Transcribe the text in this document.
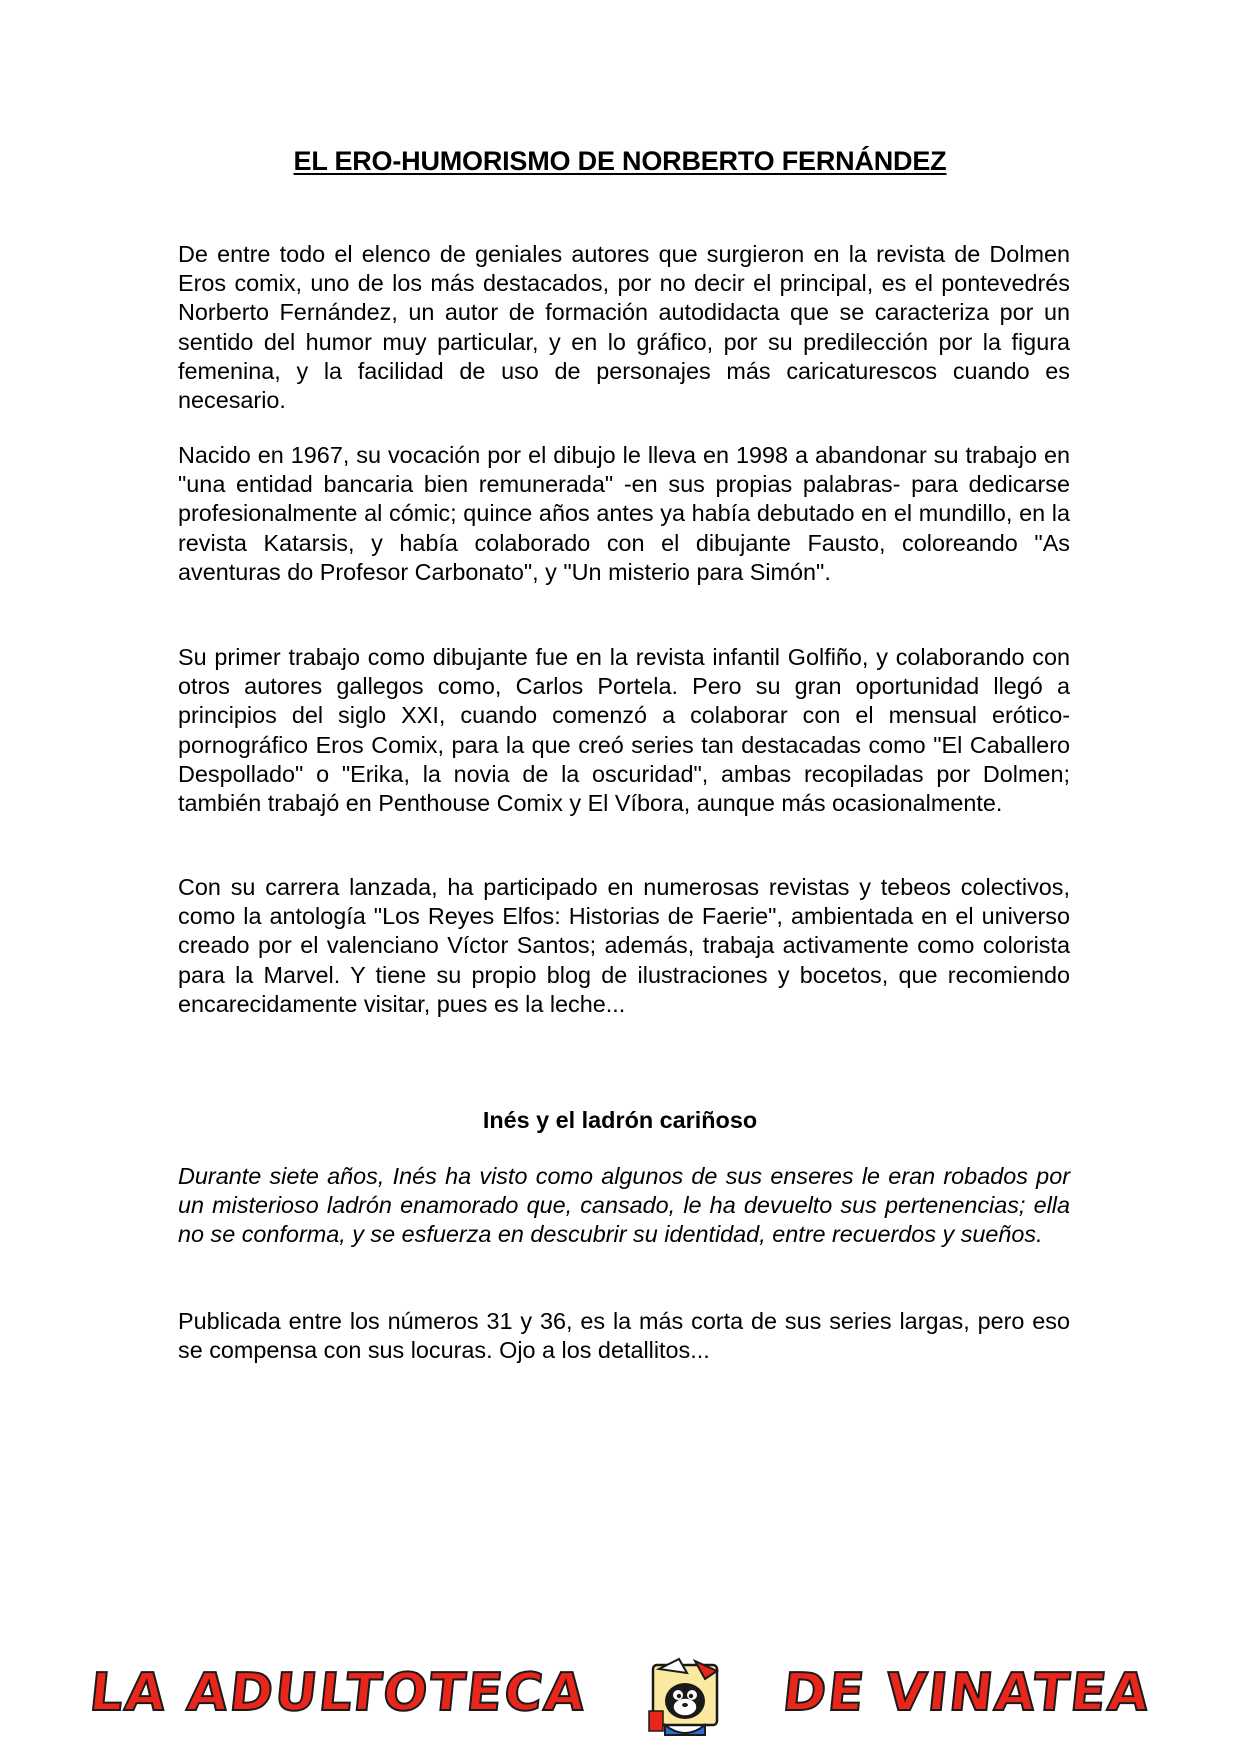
EL ERO-HUMORISMO DE NORBERTO FERNÁNDEZ

De entre todo el elenco de geniales autores que surgieron en la revista de Dolmen Eros comix, uno de los más destacados, por no decir el principal, es el pontevedrés Norberto Fernández, un autor de formación autodidacta que se caracteriza por un sentido del humor muy particular, y en lo gráfico, por su predilección por la figura femenina, y la facilidad de uso de personajes más caricaturescos cuando es necesario.

Nacido en 1967, su vocación por el dibujo le lleva en 1998 a abandonar su trabajo en "una entidad bancaria bien remunerada" -en sus propias palabras- para dedicarse profesionalmente al cómic; quince años antes ya había debutado en el mundillo, en la revista Katarsis, y había colaborado con el dibujante Fausto, coloreando "As aventuras do Profesor Carbonato", y "Un misterio para Simón".

Su primer trabajo como dibujante fue en la revista infantil Golfiño, y colaborando con otros autores gallegos como, Carlos Portela. Pero su gran oportunidad llegó a principios del siglo XXI, cuando comenzó a colaborar con el mensual erótico-pornográfico Eros Comix, para la que creó series tan destacadas como "El Caballero Despollado" o "Erika, la novia de la oscuridad", ambas recopiladas por Dolmen; también trabajó en Penthouse Comix y El Víbora, aunque más ocasionalmente.

Con su carrera lanzada, ha participado en numerosas revistas y tebeos colectivos, como la antología "Los Reyes Elfos: Historias de Faerie", ambientada en el universo creado por el valenciano Víctor Santos; además, trabaja activamente como colorista para la Marvel. Y tiene su propio blog de ilustraciones y bocetos, que recomiendo encarecidamente visitar, pues es la leche...

Inés y el ladrón cariñoso

Durante siete años, Inés ha visto como algunos de sus enseres le eran robados por un misterioso ladrón enamorado que, cansado, le ha devuelto sus pertenencias; ella no se conforma, y se esfuerza en descubrir su identidad, entre recuerdos y sueños.

Publicada entre los números 31 y 36, es la más corta de sus series largas, pero eso se compensa con sus locuras. Ojo a los detallitos...

LA ADULTOTECA	DE VINATEA
